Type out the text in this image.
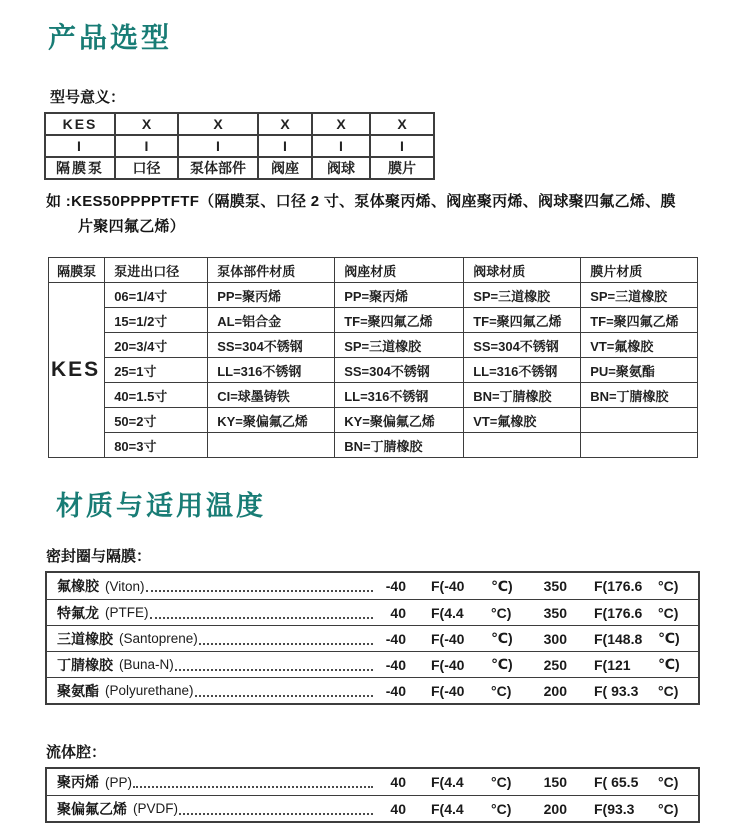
产品选型
型号意义：
KES	X	X	X	X	X
I	I	I	I	I	I
隔膜泵	口径	泵体部件	阀座	阀球	膜片
如 :KES50PPPPTFTF（隔膜泵、口径 2 寸、泵体聚丙烯、阀座聚丙烯、阀球聚四氟乙烯、膜
片聚四氟乙烯）
隔膜泵	泵进出口径	泵体部件材质	阀座材质	阀球材质	膜片材质
KES	06=1/4寸	PP=聚丙烯	PP=聚丙烯	SP=三道橡胶	SP=三道橡胶
	15=1/2寸	AL=铝合金	TF=聚四氟乙烯	TF=聚四氟乙烯	TF=聚四氟乙烯
	20=3/4寸	SS=304不锈钢	SP=三道橡胶	SS=304不锈钢	VT=氟橡胶
	25=1寸	LL=316不锈钢	SS=304不锈钢	LL=316不锈钢	PU=聚氨酯
	40=1.5寸	CI=球墨铸铁	LL=316不锈钢	BN=丁腈橡胶	BN=丁腈橡胶
	50=2寸	KY=聚偏氟乙烯	KY=聚偏氟乙烯	VT=氟橡胶	
	80=3寸		BN=丁腈橡胶		
材质与适用温度
密封圈与隔膜：
氟橡胶 (Viton)	-40 F(-40	℃)	350 F(176.6	°C)
特氟龙 (PTFE)	40 F(4.4	°C)	350 F(176.6	°C)
三道橡胶 (Santoprene)	-40 F(-40	℃)	300 F(148.8	℃)
丁腈橡胶 (Buna-N)	-40 F(-40	℃)	250 F(121	℃)
聚氨酯 (Polyurethane)	-40 F(-40	°C)	200 F( 93.3	°C)
流体腔：
聚丙烯 (PP)	40 F(4.4	°C)	150 F( 65.5	°C)
聚偏氟乙烯 (PVDF)	40 F(4.4	°C)	200 F(93.3	°C)
